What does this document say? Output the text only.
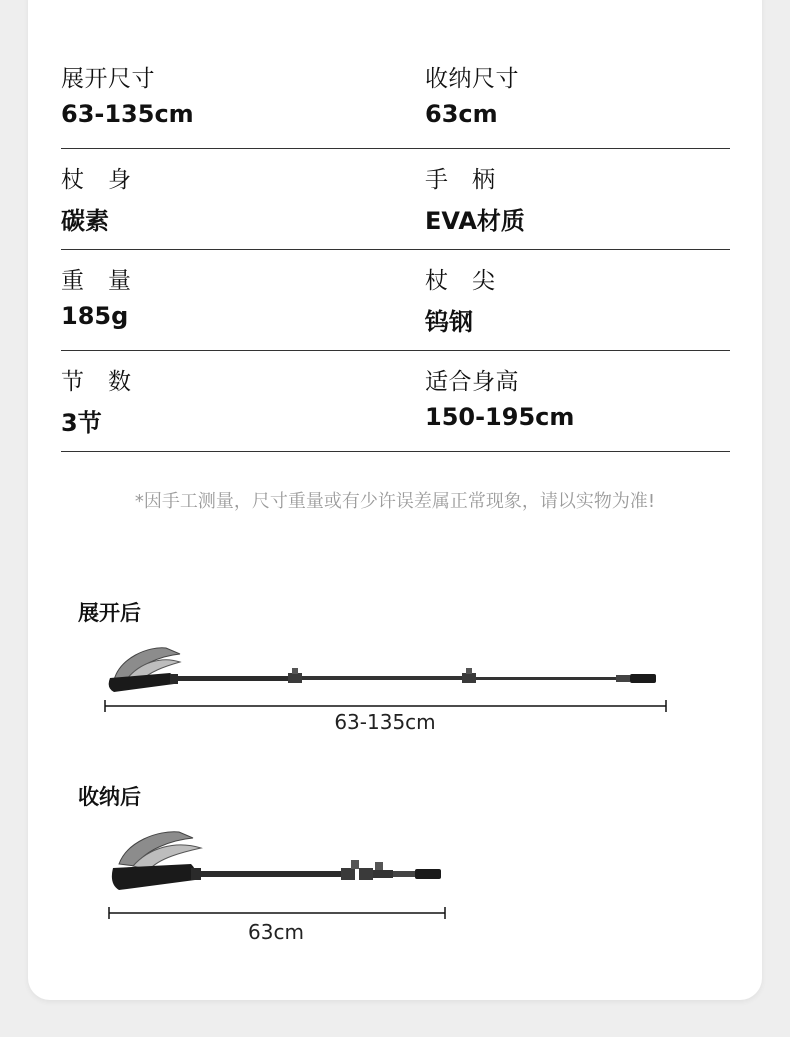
展开尺寸
63-135cm
收纳尺寸
63cm
杖　身
碳素
手　柄
EVA材质
重　量
185g
杖　尖
钨钢
节　数
3节
适合身高
150-195cm
*因手工测量，尺寸重量或有少许误差属正常现象，请以实物为准!
展开后
63-135cm
收纳后
63cm
